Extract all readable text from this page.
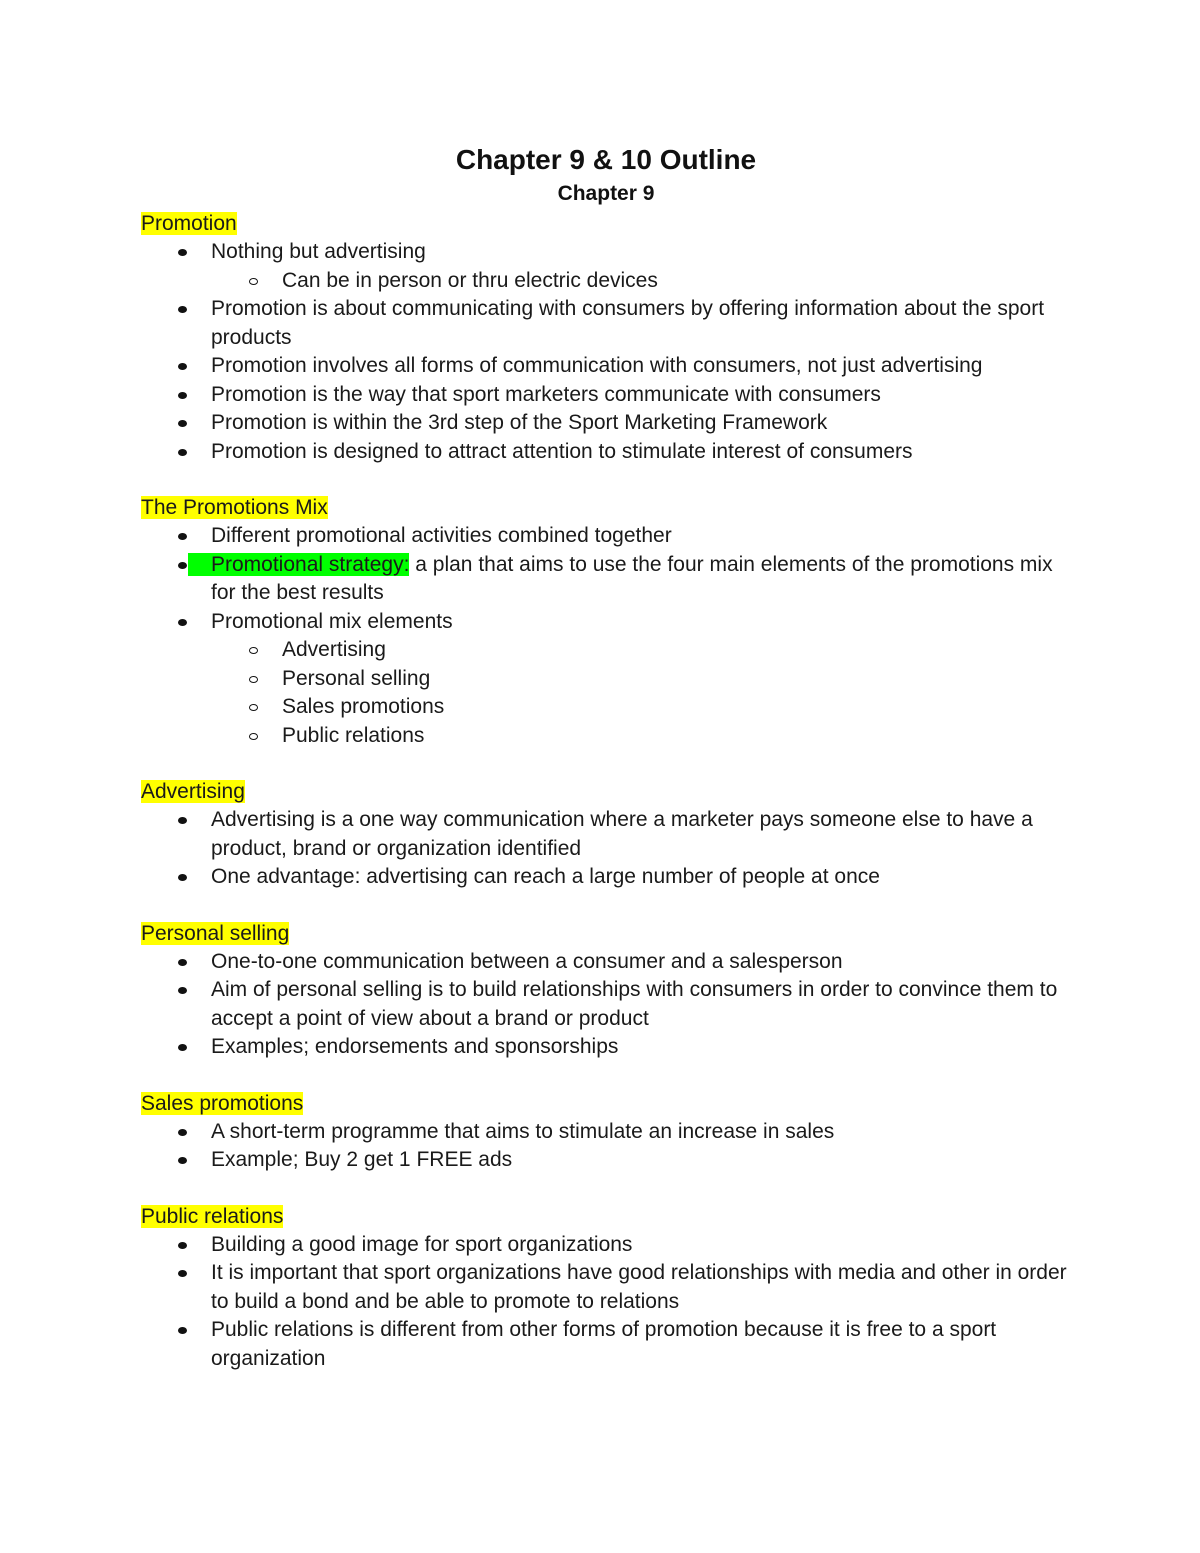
Chapter 9 & 10 Outline
Chapter 9

Promotion

Nothing but advertising
Can be in person or thru electric devices
Promotion is about communicating with consumers by offering information about the sport products
Promotion involves all forms of communication with consumers, not just advertising
Promotion is the way that sport marketers communicate with consumers
Promotion is within the 3rd step of the Sport Marketing Framework
Promotion is designed to attract attention to stimulate interest of consumers

The Promotions Mix

Different promotional activities combined together
Promotional strategy: a plan that aims to use the four main elements of the promotions mix for the best results
Promotional mix elements
Advertising
Personal selling
Sales promotions
Public relations

Advertising

Advertising is a one way communication where a marketer pays someone else to have a product, brand or organization identified
One advantage: advertising can reach a large number of people at once

Personal selling

One-to-one communication between a consumer and a salesperson
Aim of personal selling is to build relationships with consumers in order to convince them to accept a point of view about a brand or product
Examples; endorsements and sponsorships

Sales promotions

A short-term programme that aims to stimulate an increase in sales
Example; Buy 2 get 1 FREE ads

Public relations

Building a good image for sport organizations
It is important that sport organizations have good relationships with media and other in order to build a bond and be able to promote to relations
Public relations is different from other forms of promotion because it is free to a sport organization
